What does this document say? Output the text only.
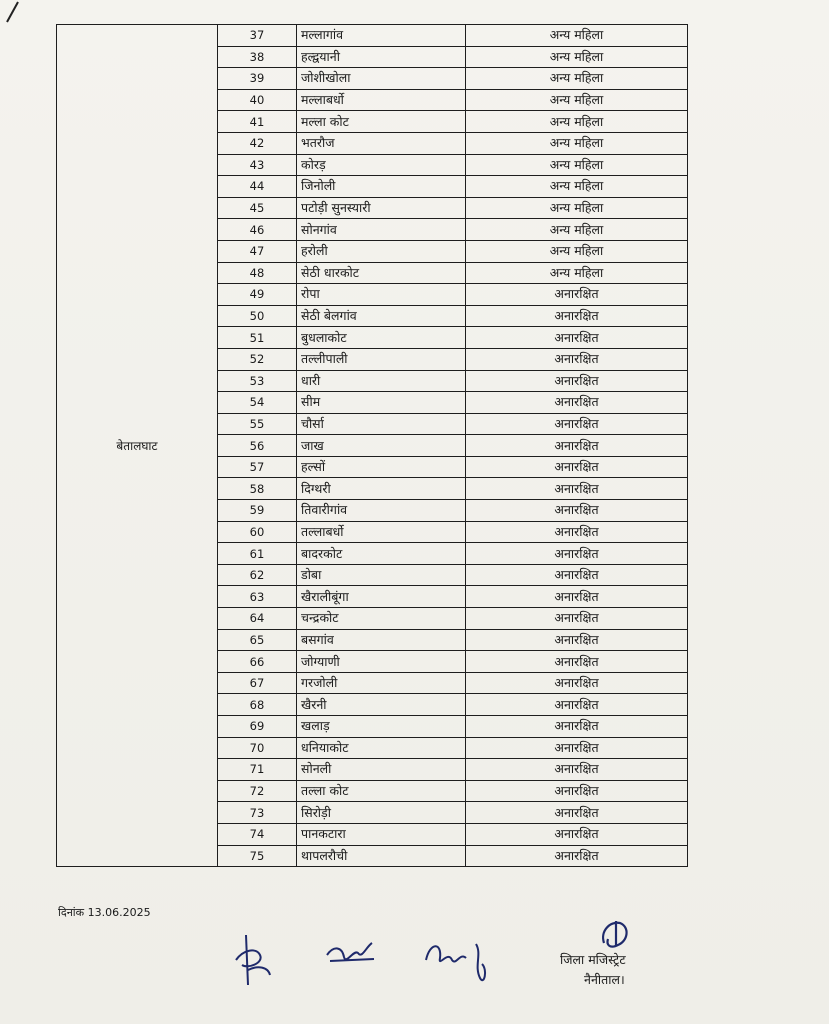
बेतालघाट	37	मल्लागांव	अन्य महिला
	38	हल्द्वयानी	अन्य महिला
	39	जोशीखोला	अन्य महिला
	40	मल्लाबर्धो	अन्य महिला
	41	मल्ला कोट	अन्य महिला
	42	भतरौज	अन्य महिला
	43	कोरड़	अन्य महिला
	44	जिनोली	अन्य महिला
	45	पटोड़ी सुनस्यारी	अन्य महिला
	46	सोनगांव	अन्य महिला
	47	हरोली	अन्य महिला
	48	सेठी धारकोट	अन्य महिला
	49	रोपा	अनारक्षित
	50	सेठी बेलगांव	अनारक्षित
	51	बुधलाकोट	अनारक्षित
	52	तल्लीपाली	अनारक्षित
	53	धारी	अनारक्षित
	54	सीम	अनारक्षित
	55	चौर्सा	अनारक्षित
	56	जाख	अनारक्षित
	57	हल्सों	अनारक्षित
	58	दिग्थरी	अनारक्षित
	59	तिवारीगांव	अनारक्षित
	60	तल्लाबर्धो	अनारक्षित
	61	बादरकोट	अनारक्षित
	62	डोबा	अनारक्षित
	63	खैरालीबूंगा	अनारक्षित
	64	चन्द्रकोट	अनारक्षित
	65	बसगांव	अनारक्षित
	66	जोग्याणी	अनारक्षित
	67	गरजोली	अनारक्षित
	68	खैरनी	अनारक्षित
	69	खलाड़	अनारक्षित
	70	धनियाकोट	अनारक्षित
	71	सोनली	अनारक्षित
	72	तल्ला कोट	अनारक्षित
	73	सिरोड़ी	अनारक्षित
	74	पानकटारा	अनारक्षित
	75	थापलरौची	अनारक्षित
दिनांक 13.06.2025
जिला मजिस्ट्रेट
नैनीताल।
